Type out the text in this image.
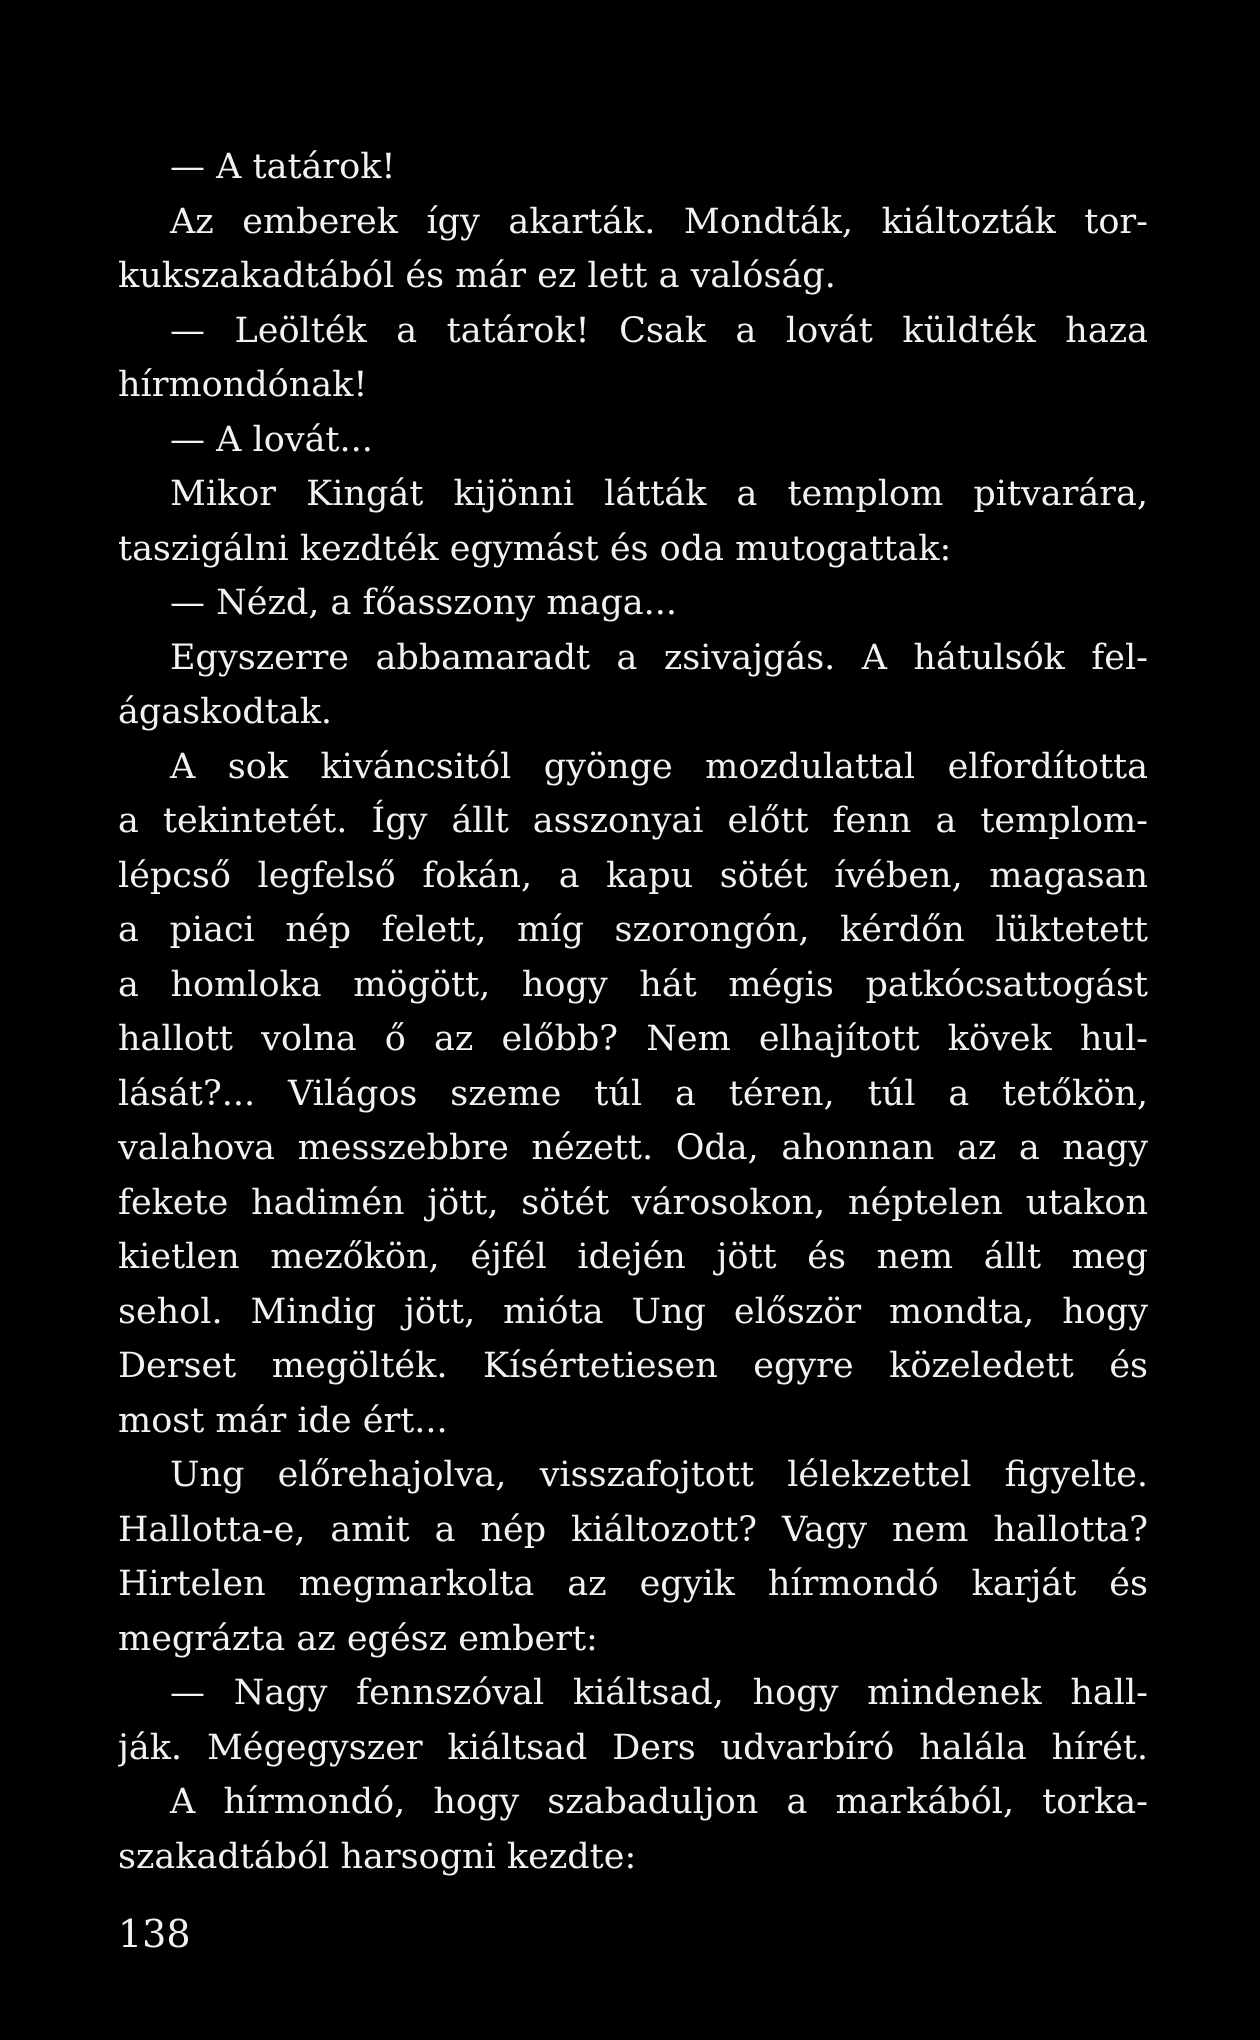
— A tatárok!
Az emberek így akarták. Mondták, kiáltozták tor-
kukszakadtából és már ez lett a valóság.
— Leölték a tatárok! Csak a lovát küldték haza
hírmondónak!
— A lovát...
Mikor Kingát kijönni látták a templom pitvarára,
taszigálni kezdték egymást és oda mutogattak:
— Nézd, a főasszony maga...
Egyszerre abbamaradt a zsivajgás. A hátulsók fel-
ágaskodtak.
A sok kiváncsitól gyönge mozdulattal elfordította
a tekintetét. Így állt asszonyai előtt fenn a templom-
lépcső legfelső fokán, a kapu sötét ívében, magasan
a piaci nép felett, míg szorongón, kérdőn lüktetett
a homloka mögött, hogy hát mégis patkócsattogást
hallott volna ő az előbb? Nem elhajított kövek hul-
lását?... Világos szeme túl a téren, túl a tetőkön,
valahova messzebbre nézett. Oda, ahonnan az a nagy
fekete hadimén jött, sötét városokon, néptelen utakon
kietlen mezőkön, éjfél idején jött és nem állt meg
sehol. Mindig jött, mióta Ung először mondta, hogy
Derset megölték. Kísértetiesen egyre közeledett és
most már ide ért...
Ung előrehajolva, visszafojtott lélekzettel figyelte.
Hallotta-e, amit a nép kiáltozott? Vagy nem hallotta?
Hirtelen megmarkolta az egyik hírmondó karját és
megrázta az egész embert:
— Nagy fennszóval kiáltsad, hogy mindenek hall-
ják. Mégegyszer kiáltsad Ders udvarbíró halála hírét.
A hírmondó, hogy szabaduljon a markából, torka-
szakadtából harsogni kezdte:
138
